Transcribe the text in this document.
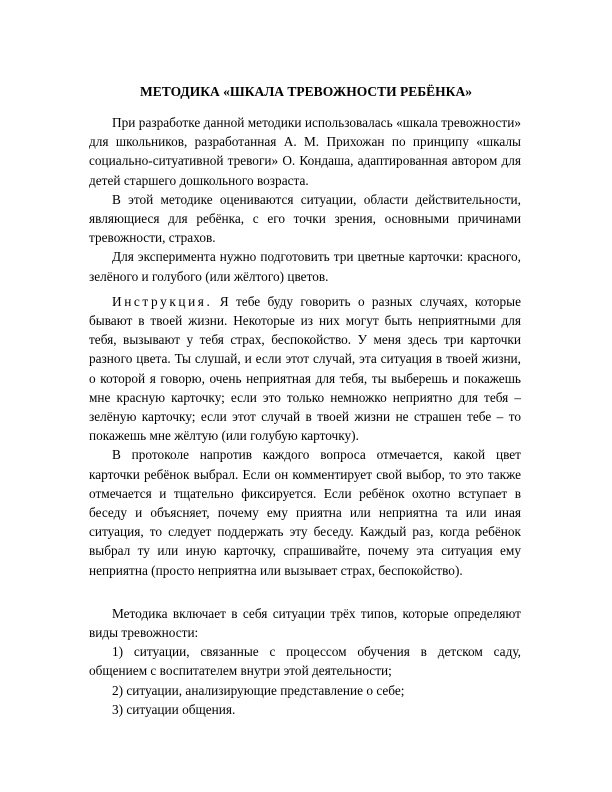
МЕТОДИКА «ШКАЛА ТРЕВОЖНОСТИ РЕБЁНКА»

При разработке данной методики использовалась «шкала тревожности» для школьников, разработанная А. М. Прихожан по принципу «шкалы социально-ситуативной тревоги» О. Кондаша, адаптированная автором для детей старшего дошкольного возраста.

В этой методике оцениваются ситуации, области действительности, являющиеся для ребёнка, с его точки зрения, основными причинами тревожности, страхов.

Для эксперимента нужно подготовить три цветные карточки: красного, зелёного и голубого (или жёлтого) цветов.

Инструкция. Я тебе буду говорить о разных случаях, которые бывают в твоей жизни. Некоторые из них могут быть неприятными для тебя, вызывают у тебя страх, беспокойство. У меня здесь три карточки разного цвета. Ты слушай, и если этот случай, эта ситуация в твоей жизни, о которой я говорю, очень неприятная для тебя, ты выберешь и покажешь мне красную карточку; если это только немножко неприятно для тебя – зелёную карточку; если этот случай в твоей жизни не страшен тебе – то покажешь мне жёлтую (или голубую карточку).

В протоколе напротив каждого вопроса отмечается, какой цвет карточки ребёнок выбрал. Если он комментирует свой выбор, то это также отмечается и тщательно фиксируется. Если ребёнок охотно вступает в беседу и объясняет, почему ему приятна или неприятна та или иная ситуация, то следует поддержать эту беседу. Каждый раз, когда ребёнок выбрал ту или иную карточку, спрашивайте, почему эта ситуация ему неприятна (просто неприятна или вызывает страх, беспокойство).

Методика включает в себя ситуации трёх типов, которые определяют виды тревожности:

1) ситуации, связанные с процессом обучения в детском саду, общением с воспитателем внутри этой деятельности;

2) ситуации, анализирующие представление о себе;

3) ситуации общения.
